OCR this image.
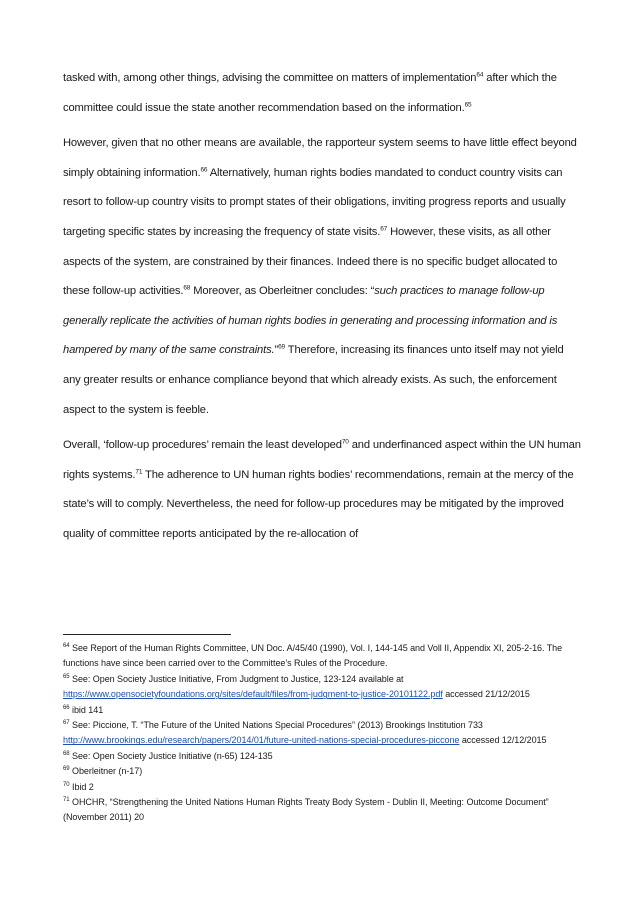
tasked with, among other things, advising the committee on matters of implementation$^{64}$ after which the committee could issue the state another recommendation based on the information.$^{65}$

However, given that no other means are available, the rapporteur system seems to have little effect beyond simply obtaining information.$^{66}$ Alternatively, human rights bodies mandated to conduct country visits can resort to follow-up country visits to prompt states of their obligations, inviting progress reports and usually targeting specific states by increasing the frequency of state visits.$^{67}$ However, these visits, as all other aspects of the system, are constrained by their finances. Indeed there is no specific budget allocated to these follow-up activities.$^{68}$ Moreover, as Oberleitner concludes: “such practices to manage follow-up generally replicate the activities of human rights bodies in generating and processing information and is hampered by many of the same constraints.”$^{69}$ Therefore, increasing its finances unto itself may not yield any greater results or enhance compliance beyond that which already exists. As such, the enforcement aspect to the system is feeble.

Overall, ‘follow-up procedures’ remain the least developed$^{70}$ and underfinanced aspect within the UN human rights systems.$^{71}$ The adherence to UN human rights bodies’ recommendations, remain at the mercy of the state’s will to comply. Nevertheless, the need for follow-up procedures may be mitigated by the improved quality of committee reports anticipated by the re-allocation of

$^{64}$ See Report of the Human Rights Committee, UN Doc. A/45/40 (1990), Vol. I, 144-145 and Voll II, Appendix XI, 205-2-16. The functions have since been carried over to the Committee’s Rules of the Procedure.

$^{65}$ See: Open Society Justice Initiative, From Judgment to Justice, 123-124 available at https://www.opensocietyfoundations.org/sites/default/files/from-judgment-to-justice-20101122.pdf accessed 21/12/2015

$^{66}$ ibid 141

$^{67}$ See: Piccione, T. “The Future of the United Nations Special Procedures” (2013) Brookings Institution 733 http://www.brookings.edu/research/papers/2014/01/future-united-nations-special-procedures-piccone accessed 12/12/2015

$^{68}$ See: Open Society Justice Initiative (n-65) 124-135

$^{69}$ Oberleitner (n-17)

$^{70}$ Ibid 2

$^{71}$ OHCHR, “Strengthening the United Nations Human Rights Treaty Body System - Dublin II, Meeting: Outcome Document” (November 2011) 20
